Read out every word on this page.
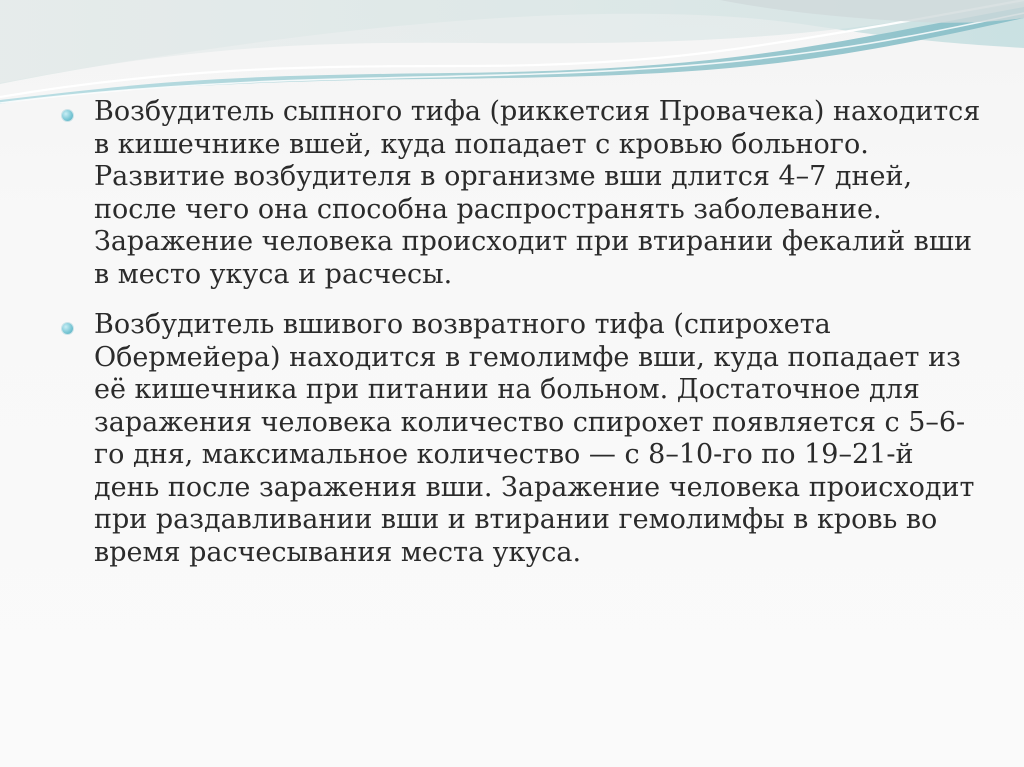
Возбудитель сыпного тифа (риккетсия Провачека) находится в кишечнике вшей, куда попадает с кровью больного. Развитие возбудителя в организме вши длится 4–7 дней, после чего она способна распространять заболевание. Заражение человека происходит при втирании фекалий вши в место укуса и расчесы.
Возбудитель вшивого возвратного тифа (спирохета Обермейера) находится в гемолимфе вши, куда попадает из её кишечника при питании на больном. Достаточное для заражения человека количество спирохет появляется с 5–6-го дня, максимальное количество — с 8–10-го по 19–21-й день после заражения вши. Заражение человека происходит при раздавливании вши и втирании гемолимфы в кровь во время расчесывания места укуса.
